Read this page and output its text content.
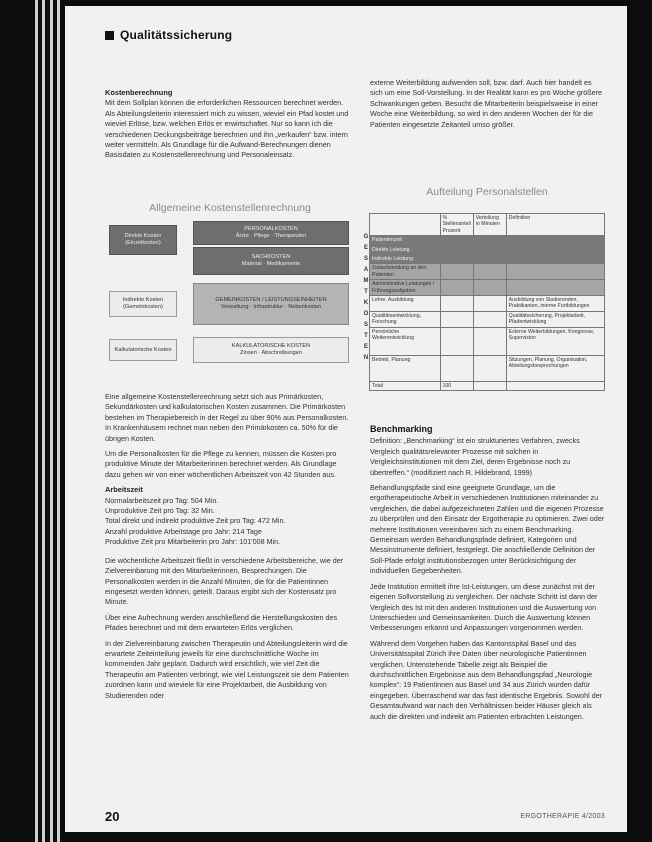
Qualitätssicherung
Kostenberechnung

Mit dem Sollplan können die erforderlichen Ressourcen berechnet werden. Als Abteilungsleiterin interessiert mich zu wissen, wieviel ein Pfad kostet und wieviel Erlöse, bzw. welchen Erlös er erwirtschaftet. Nur so kann ich die verschiedenen Deckungsbeiträge berechnen und ihn „verkaufen“ bzw. intern weiter vermitteln. Als Grundlage für die Aufwand-Berechnungen dienen Basisdaten zu Kostenstellenrechnung und Personaleinsatz.

Allgemeine Kostenstellenrechnung
Direkte Kosten (Einzelkosten)
PERSONALKOSTEN
Ärzte · Pflege · Therapeuten
SACHKOSTEN
Material · Medikamente
Indirekte Kosten (Gemeinkosten)
GEMEINKOSTEN / LEISTUNGSEINHEITEN
Verwaltung · Infrastruktur · Nebenkosten
Kalkulatorische Kosten
KALKULATORISCHE KOSTEN
Zinsen · Abschreibungen
G
E
S
A
M
T
K
O
S
T
E
N

Eine allgemeine Kostenstellenrechnung setzt sich aus Primärkosten, Sekundärkosten und kalkulatorischen Kosten zusammen. Die Primärkosten bestehen im Therapiebereich in der Regel zu über 90% aus Personalkosten. In Krankenhäusern rechnet man neben den Primärkosten ca. 50% für die übrigen Kosten.

Um die Personalkosten für die Pflege zu kennen, müssen die Kosten pro produktive Minute der Mitarbeiterinnen berechnet werden. Als Grundlage dazu gehen wir von einer wöchentlichen Arbeitszeit von 42 Stunden aus.

Arbeitszeit
Normalarbeitszeit pro Tag: 504 Min.
Unproduktive Zeit pro Tag: 32 Min.
Total direkt und indirekt produktive Zeit pro Tag: 472 Min.
Anzahl produktive Arbeitstage pro Jahr: 214 Tage
Produktive Zeit pro Mitarbeiterin pro Jahr: 101'008 Min.

Die wöchentliche Arbeitszeit fließt in verschiedene Arbeitsbereiche, wie der Zielvereinbarung mit den Mitarbeiterinnen, Besprechungen. Die Personalkosten werden in die Anzahl Minuten, die für die Patientinnen eingesetzt werden können, geteilt. Daraus ergibt sich der Kostensatz pro Minute.

Über eine Aufrechnung werden anschließend die Herstellungskosten des Pfades berechnet und mit dem erwarteten Erlös verglichen.

In der Zielvereinbarung zwischen Therapeutin und Abteilungsleiterin wird die erwartete Zeiteinteilung jeweils für eine durchschnittliche Woche im kommenden Jahr geplant. Dadurch wird ersichtlich, wie viel Zeit die Therapeutin am Patienten verbringt, wie viel Leistungszeit sie dem Patienten zuordnen kann und wieviele für eine Projektarbeit, die Ausbildung von Studierenden oder

externe Weiterbildung aufwenden soll, bzw. darf. Auch hier handelt es sich um eine Soll-Vorstellung. In der Realität kann es pro Woche größere Schwankungen geben. Besucht die Mitarbeiterin beispielsweise in einer Woche eine Weiterbildung, so wird in den anderen Wochen der für die Patienten eingesetzte Zeitanteil umso größer.

Aufteilung Personalstellen
	% Stellenanteil Prozent	Verteilung in Minuten	Definition
Patientenzeit			
Direkte Leistung			
Indirekte Leistung			
Zeitaufwendung an den Patienten			
Administrative Leistungen / Führungsaufgaben			
Lehre, Ausbildung			Ausbildung von Studierenden, Praktikanten, interne Fortbildungen
Qualitätsentwicklung, Forschung			Qualitätssicherung, Projektarbeit, Pfadentwicklung
Persönliche Weiterentwicklung			Externe Weiterbildungen, Kongresse, Supervision
Betrieb, Planung			Sitzungen, Planung, Organisation, Abteilungsbesprechungen
Total	100		
Benchmarking

Definition: „Benchmarking“ ist ein strukturiertes Verfahren, zwecks Vergleich qualitätsrelevanter Prozesse mit solchen in Vergleichsinstitutionen mit dem Ziel, deren Ergebnisse noch zu übertreffen.“ (modifiziert nach R. Hildebrand, 1999)

Behandlungspfade sind eine geeignete Grundlage, um die ergotherapeutische Arbeit in verschiedenen Institutionen miteinander zu vergleichen, die dabei aufgezeichneten Zahlen und die eigenen Prozesse zu überprüfen und den Einsatz der Ergotherapie zu optimieren. Zwei oder mehrere Institutionen vereinbaren sich zu einem Benchmarking. Gemeinsam werden Behandlungspfade definiert, Kategorien und Messinstrumente definiert, festgelegt. Die anschließende Definition der Soll-Pfade erfolgt institutionsbezogen unter Berücksichtigung der individuellen Gegebenheiten.

Jede Institution ermittelt ihre Ist-Leistungen, um diese zunächst mit der eigenen Sollvorstellung zu vergleichen. Der nächste Schritt ist dann der Vergleich des Ist mit den anderen Institutionen und die Auswertung von Unterschieden und Gemeinsamkeiten. Durch die Auswertung können Verbesserungen erkannt und Anpassungen vorgenommen werden.

Während dem Vorgehen haben das Kantonsspital Basel und das Universitätsspital Zürich ihre Daten über neurologische Patientinnen verglichen. Untenstehende Tabelle zeigt als Beispiel die durchschnittlichen Ergebnisse aus dem Behandlungspfad „Neurologie komplex“: 19 Patientinnen aus Basel und 34 aus Zürich wurden dafür eingegeben. Überraschend war das fast identische Ergebnis. Sowohl der Gesamtaufwand war nach den Verhältnissen beider Häuser gleich als auch die direkten und indirekt am Patienten erbrachten Leistungen.

20	ERGOTHERAPIE 4/2003
